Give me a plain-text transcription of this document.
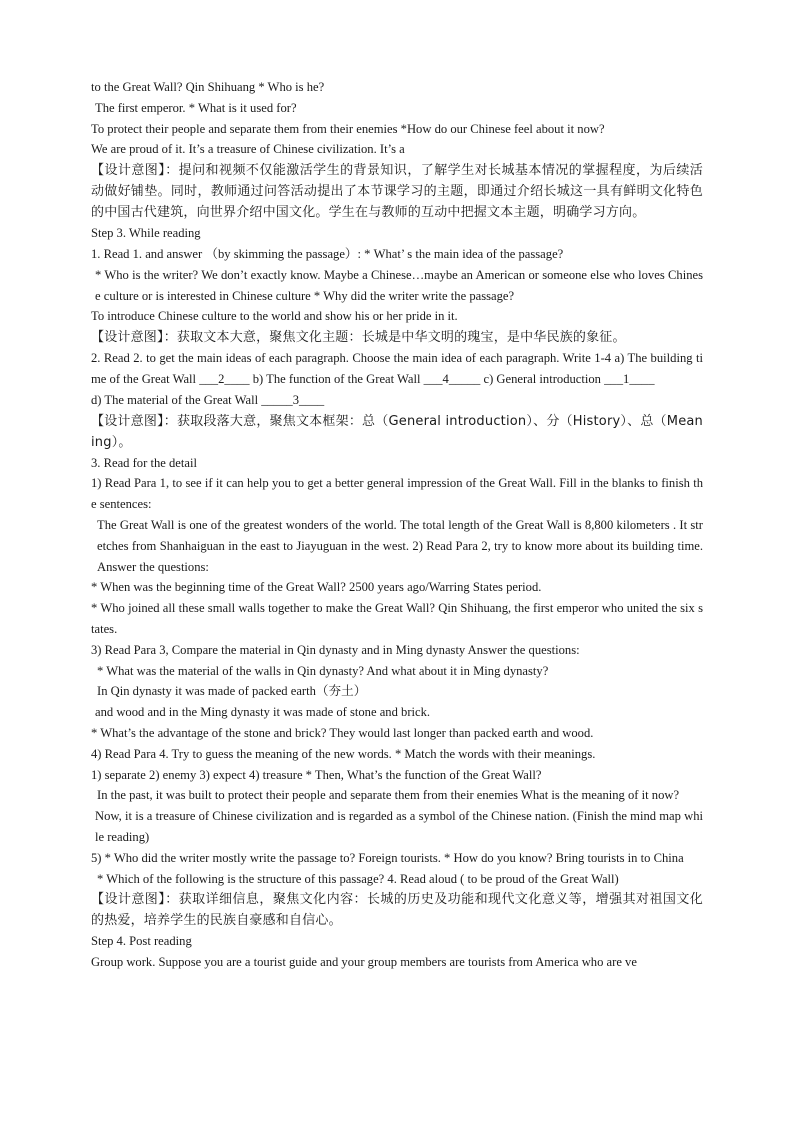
to the Great Wall? Qin Shihuang * Who is he?

The first emperor. * What is it used for?

To protect their people and separate them from their enemies *How do our Chinese feel about it now?

We are proud of it. It’s a treasure of Chinese civilization. It’s a

【设计意图】：提问和视频不仅能激活学生的背景知识，了解学生对长城基本情况的掌握程度，为后续活动做好铺垫。同时，教师通过问答活动提出了本节课学习的主题，即通过介绍长城这一具有鲜明文化特色的中国古代建筑，向世界介绍中国文化。学生在与教师的互动中把握文本主题，明确学习方向。

Step 3. While reading

1. Read 1. and answer （by skimming the passage）: * What’ s the main idea of the passage?

* Who is the writer? We don’t exactly know. Maybe a Chinese…maybe an American or someone else who loves Chinese culture or is interested in Chinese culture * Why did the writer write the passage?

To introduce Chinese culture to the world and show his or her pride in it.

【设计意图】：获取文本大意，聚焦文化主题：长城是中华文明的瑰宝，是中华民族的象征。

2. Read 2. to get the main ideas of each paragraph. Choose the main idea of each paragraph. Write 1-4 a) The building time of the Great Wall ___2____ b) The function of the Great Wall ___4_____ c) General introduction ___1____

d) The material of the Great Wall _____3____

【设计意图】：获取段落大意，聚焦文本框架：总（General introduction）、分（History）、总（Meaning）。

3. Read for the detail

1) Read Para 1, to see if it can help you to get a better general impression of the Great Wall. Fill in the blanks to finish the sentences:

The Great Wall is one of the greatest wonders of the world. The total length of the Great Wall is 8,800 kilometers . It stretches from Shanhaiguan in the east to Jiayuguan in the west. 2) Read Para 2, try to know more about its building time. Answer the questions:

* When was the beginning time of the Great Wall? 2500 years ago/Warring States period.

* Who joined all these small walls together to make the Great Wall? Qin Shihuang, the first emperor who united the six states.

3) Read Para 3, Compare the material in Qin dynasty and in Ming dynasty Answer the questions:

* What was the material of the walls in Qin dynasty? And what about it in Ming dynasty?

In Qin dynasty it was made of packed earth（夯土）

and wood and in the Ming dynasty it was made of stone and brick.

* What’s the advantage of the stone and brick? They would last longer than packed earth and wood.

4) Read Para 4. Try to guess the meaning of the new words. * Match the words with their meanings.

1) separate 2) enemy 3) expect 4) treasure * Then, What’s the function of the Great Wall?

In the past, it was built to protect their people and separate them from their enemies What is the meaning of it now?

Now, it is a treasure of Chinese civilization and is regarded as a symbol of the Chinese nation. (Finish the mind map while reading)

5) * Who did the writer mostly write the passage to? Foreign tourists. * How do you know? Bring tourists in to China

* Which of the following is the structure of this passage? 4. Read aloud ( to be proud of the Great Wall)

【设计意图】：获取详细信息，聚焦文化内容：长城的历史及功能和现代文化意义等，增强其对祖国文化的热爱，培养学生的民族自豪感和自信心。

Step 4. Post reading

Group work. Suppose you are a tourist guide and your group members are tourists from America who are ve
